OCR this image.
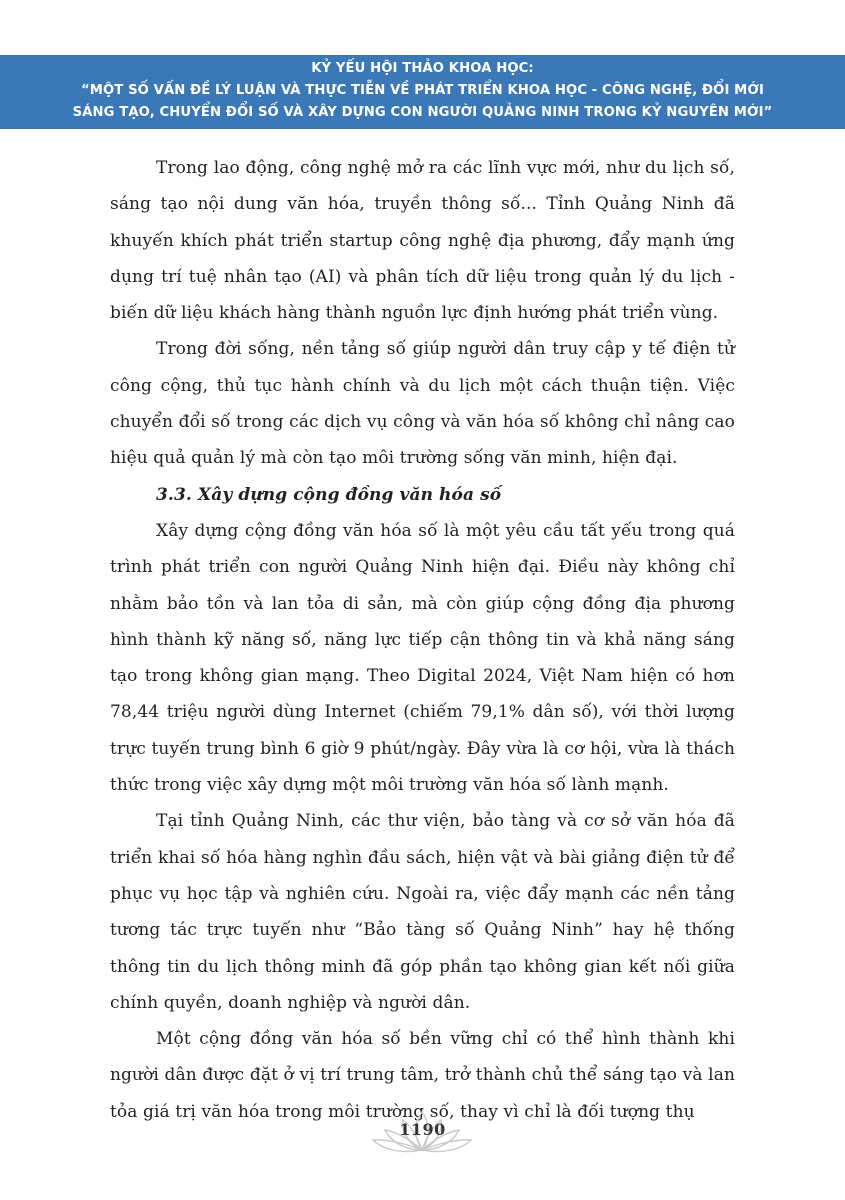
KỶ YẾU HỘI THẢO KHOA HỌC:
“MỘT SỐ VẤN ĐỀ LÝ LUẬN VÀ THỰC TIỄN VỀ PHÁT TRIỂN KHOA HỌC - CÔNG NGHỆ, ĐỔI MỚI
SÁNG TẠO, CHUYỂN ĐỔI SỐ VÀ XÂY DỰNG CON NGƯỜI QUẢNG NINH TRONG KỶ NGUYÊN MỚI”

Trong lao động, công nghệ mở ra các lĩnh vực mới, như du lịch số, sáng tạo nội dung văn hóa, truyền thông số... Tỉnh Quảng Ninh đã khuyến khích phát triển startup công nghệ địa phương, đẩy mạnh ứng dụng trí tuệ nhân tạo (AI) và phân tích dữ liệu trong quản lý du lịch - biến dữ liệu khách hàng thành nguồn lực định hướng phát triển vùng.

Trong đời sống, nền tảng số giúp người dân truy cập y tế điện tử công cộng, thủ tục hành chính và du lịch một cách thuận tiện. Việc chuyển đổi số trong các dịch vụ công và văn hóa số không chỉ nâng cao hiệu quả quản lý mà còn tạo môi trường sống văn minh, hiện đại.

3.3. Xây dựng cộng đồng văn hóa số

Xây dựng cộng đồng văn hóa số là một yêu cầu tất yếu trong quá trình phát triển con người Quảng Ninh hiện đại. Điều này không chỉ nhằm bảo tồn và lan tỏa di sản, mà còn giúp cộng đồng địa phương hình thành kỹ năng số, năng lực tiếp cận thông tin và khả năng sáng tạo trong không gian mạng. Theo Digital 2024, Việt Nam hiện có hơn 78,44 triệu người dùng Internet (chiếm 79,1% dân số), với thời lượng trực tuyến trung bình 6 giờ 9 phút/ngày. Đây vừa là cơ hội, vừa là thách thức trong việc xây dựng một môi trường văn hóa số lành mạnh.

Tại tỉnh Quảng Ninh, các thư viện, bảo tàng và cơ sở văn hóa đã triển khai số hóa hàng nghìn đầu sách, hiện vật và bài giảng điện tử để phục vụ học tập và nghiên cứu. Ngoài ra, việc đẩy mạnh các nền tảng tương tác trực tuyến như “Bảo tàng số Quảng Ninh” hay hệ thống thông tin du lịch thông minh đã góp phần tạo không gian kết nối giữa chính quyền, doanh nghiệp và người dân.

Một cộng đồng văn hóa số bền vững chỉ có thể hình thành khi người dân được đặt ở vị trí trung tâm, trở thành chủ thể sáng tạo và lan tỏa giá trị văn hóa trong môi trường số, thay vì chỉ là đối tượng thụ

1190
